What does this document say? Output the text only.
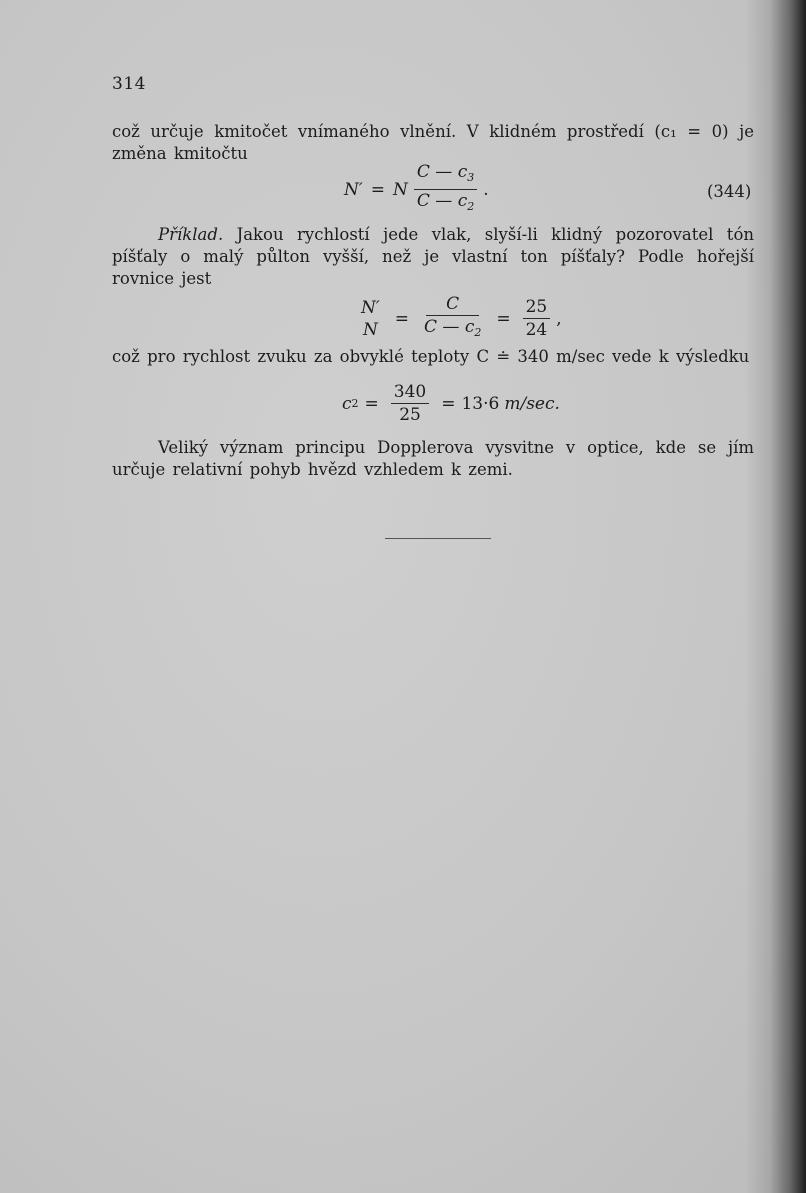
314

což určuje kmitočet vnímaného vlnění. V klidném prostředí (c₁ = 0) je změna kmitočtu

N′ = N $\frac{C — c_3}{C — c_2}$ .	(344)

Příklad. Jakou rychlostí jede vlak, slyší-li klidný pozorovatel tón píšťaly o malý půlton vyšší, než je vlastní ton píšťaly? Podle hořejší rovnice jest

N′
N
= $\frac{C}{C — c_2} = \frac{25}{24}$ ,

což pro rychlost zvuku za obvyklé teploty C ≐ 340 m/sec vede k výsledku

c $2 = \frac{340}{25} = 13\cdot 6$ m/sec.

Veliký význam principu Dopplerova vysvitne v optice, kde se jím určuje relativní pohyb hvězd vzhledem k zemi.
